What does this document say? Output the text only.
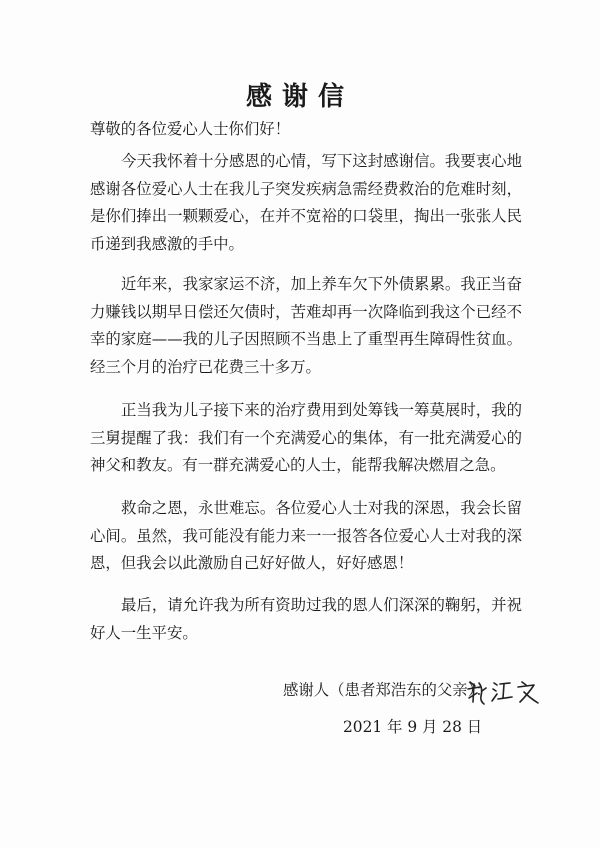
感谢信
尊敬的各位爱心人士你们好！

今天我怀着十分感恩的心情，写下这封感谢信。我要衷心地感谢各位爱心人士在我儿子突发疾病急需经费救治的危难时刻，是你们捧出一颗颗爱心，在并不宽裕的口袋里，掏出一张张人民币递到我感激的手中。

近年来，我家家运不济，加上养车欠下外债累累。我正当奋力赚钱以期早日偿还欠债时，苦难却再一次降临到我这个已经不幸的家庭——我的儿子因照顾不当患上了重型再生障碍性贫血。经三个月的治疗已花费三十多万。

正当我为儿子接下来的治疗费用到处筹钱一筹莫展时，我的三舅提醒了我：我们有一个充满爱心的集体，有一批充满爱心的神父和教友。有一群充满爱心的人士，能帮我解决燃眉之急。

救命之恩，永世难忘。各位爱心人士对我的深恩，我会长留心间。虽然，我可能没有能力来一一报答各位爱心人士对我的深恩，但我会以此激励自己好好做人，好好感恩！

最后，请允许我为所有资助过我的恩人们深深的鞠躬，并祝好人一生平安。

感谢人（患者郑浩东的父亲）：
2021 年 9 月 28 日
